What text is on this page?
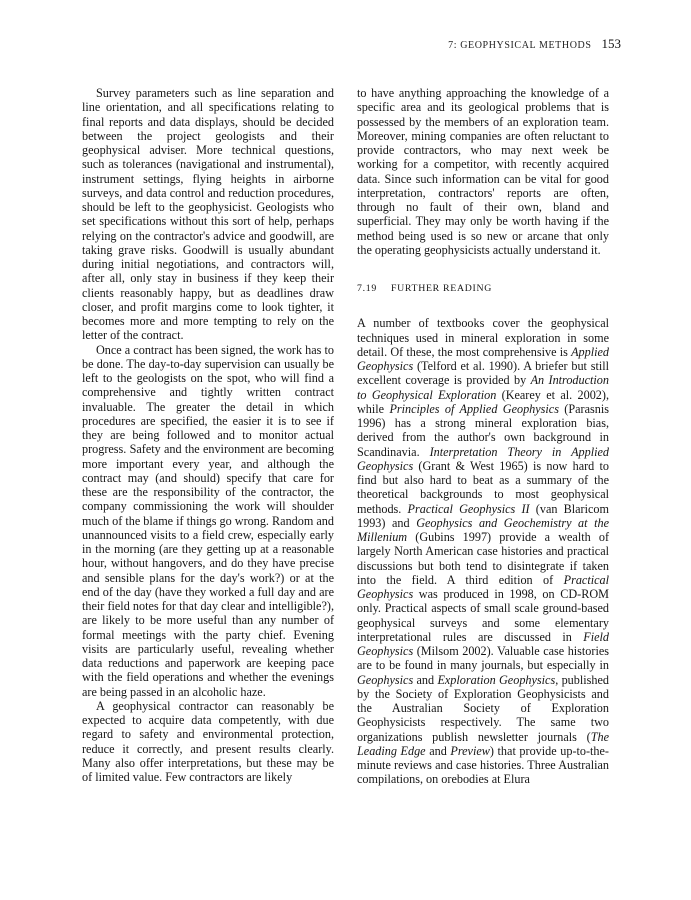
7: GEOPHYSICAL METHODS 153

Survey parameters such as line separation and line orientation, and all specifications relating to final reports and data displays, should be decided between the project geologists and their geophysical adviser. More technical questions, such as tolerances (navigational and instrumental), instrument settings, flying heights in airborne surveys, and data control and reduction procedures, should be left to the geophysicist. Geologists who set specifications without this sort of help, perhaps relying on the contractor's advice and goodwill, are taking grave risks. Goodwill is usually abundant during initial negotiations, and contractors will, after all, only stay in business if they keep their clients reasonably happy, but as deadlines draw closer, and profit margins come to look tighter, it becomes more and more tempting to rely on the letter of the contract.

Once a contract has been signed, the work has to be done. The day-to-day supervision can usually be left to the geologists on the spot, who will find a comprehensive and tightly written contract invaluable. The greater the detail in which procedures are specified, the easier it is to see if they are being followed and to monitor actual progress. Safety and the environment are becoming more important every year, and although the contract may (and should) specify that care for these are the responsibility of the contractor, the company commissioning the work will shoulder much of the blame if things go wrong. Random and unannounced visits to a field crew, especially early in the morning (are they getting up at a reasonable hour, without hangovers, and do they have precise and sensible plans for the day's work?) or at the end of the day (have they worked a full day and are their field notes for that day clear and intelligible?), are likely to be more useful than any number of formal meetings with the party chief. Evening visits are particularly useful, revealing whether data reductions and paperwork are keeping pace with the field operations and whether the evenings are being passed in an alcoholic haze.

A geophysical contractor can reasonably be expected to acquire data competently, with due regard to safety and environmental protection, reduce it correctly, and present results clearly. Many also offer interpretations, but these may be of limited value. Few contractors are likely

to have anything approaching the knowledge of a specific area and its geological problems that is possessed by the members of an exploration team. Moreover, mining companies are often reluctant to provide contractors, who may next week be working for a competitor, with recently acquired data. Since such information can be vital for good interpretation, contractors' reports are often, through no fault of their own, bland and superficial. They may only be worth having if the method being used is so new or arcane that only the operating geophysicists actually understand it.

7.19 FURTHER READING

A number of textbooks cover the geophysical techniques used in mineral exploration in some detail. Of these, the most comprehensive is Applied Geophysics (Telford et al. 1990). A briefer but still excellent coverage is provided by An Introduction to Geophysical Exploration (Kearey et al. 2002), while Principles of Applied Geophysics (Parasnis 1996) has a strong mineral exploration bias, derived from the author's own background in Scandinavia. Interpretation Theory in Applied Geophysics (Grant & West 1965) is now hard to find but also hard to beat as a summary of the theoretical backgrounds to most geophysical methods. Practical Geophysics II (van Blaricom 1993) and Geophysics and Geochemistry at the Millenium (Gubins 1997) provide a wealth of largely North American case histories and practical discussions but both tend to disintegrate if taken into the field. A third edition of Practical Geophysics was produced in 1998, on CD-ROM only. Practical aspects of small scale ground-based geophysical surveys and some elementary interpretational rules are discussed in Field Geophysics (Milsom 2002). Valuable case histories are to be found in many journals, but especially in Geophysics and Exploration Geophysics, published by the Society of Exploration Geophysicists and the Australian Society of Exploration Geophysicists respectively. The same two organizations publish newsletter journals (The Leading Edge and Preview) that provide up-to-the-minute reviews and case histories. Three Australian compilations, on orebodies at Elura
